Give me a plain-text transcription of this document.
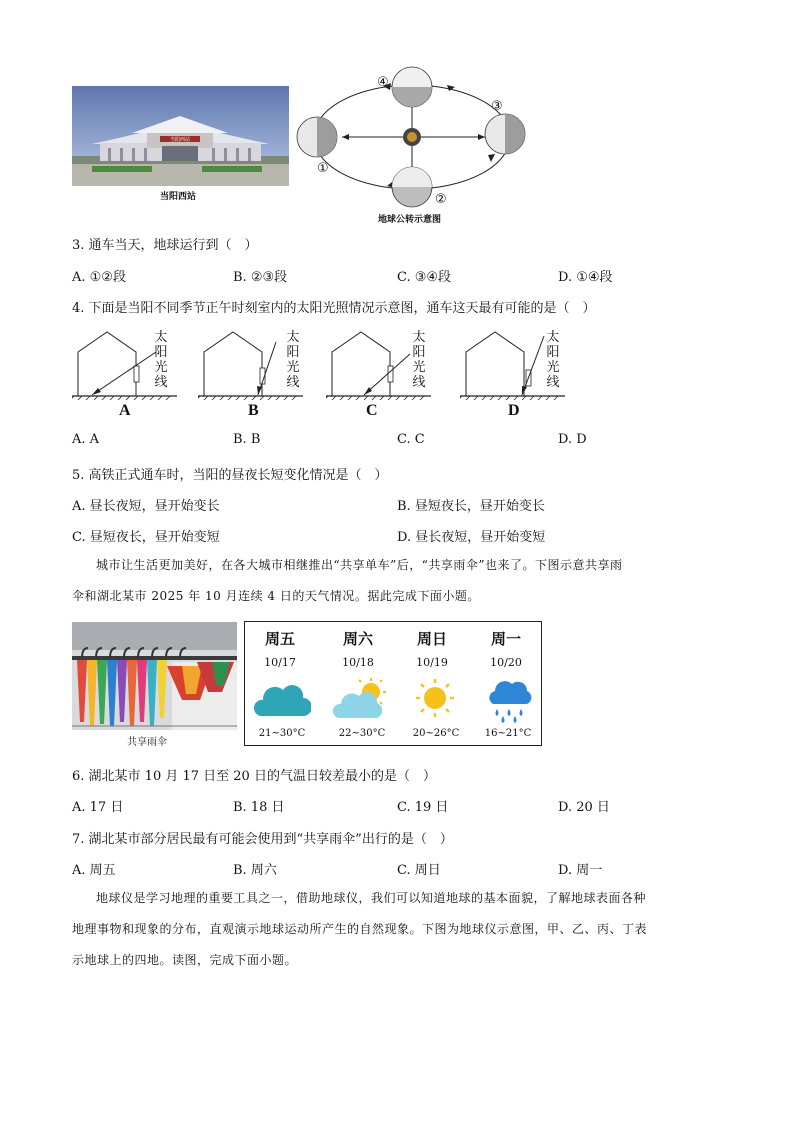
当阳西站
当阳西站
①
②
③
④
地球公转示意图
3. 通车当天，地球运行到（　）
A. ①②段	B. ②③段	C. ③④段	D. ①④段
4. 下面是当阳不同季节正午时刻室内的太阳光照情况示意图，通车这天最有可能的是（　）
太阳光线
A
太阳光线
B
太阳光线
C
太阳光线
D
A. A	B. B	C. C	D. D
5. 高铁正式通车时，当阳的昼夜长短变化情况是（　）
A. 昼长夜短，昼开始变长	B. 昼短夜长，昼开始变长
C. 昼短夜长，昼开始变短	D. 昼长夜短，昼开始变短
城市让生活更加美好，在各大城市相继推出“共享单车”后，“共享雨伞”也来了。下图示意共享雨
伞和湖北某市 2025 年 10 月连续 4 日的天气情况。据此完成下面小题。
共享雨伞
周五	周六	周日	周一
10/17	10/18	10/19	10/20
21~30°C	22~30°C	20~26°C	16~21°C
6. 湖北某市 10 月 17 日至 20 日的气温日较差最小的是（　）
A. 17 日	B. 18 日	C. 19 日	D. 20 日
7. 湖北某市部分居民最有可能会使用到“共享雨伞”出行的是（　）
A. 周五	B. 周六	C. 周日	D. 周一
地球仪是学习地理的重要工具之一，借助地球仪，我们可以知道地球的基本面貌，了解地球表面各种
地理事物和现象的分布，直观演示地球运动所产生的自然现象。下图为地球仪示意图，甲、乙、丙、丁表
示地球上的四地。读图，完成下面小题。
